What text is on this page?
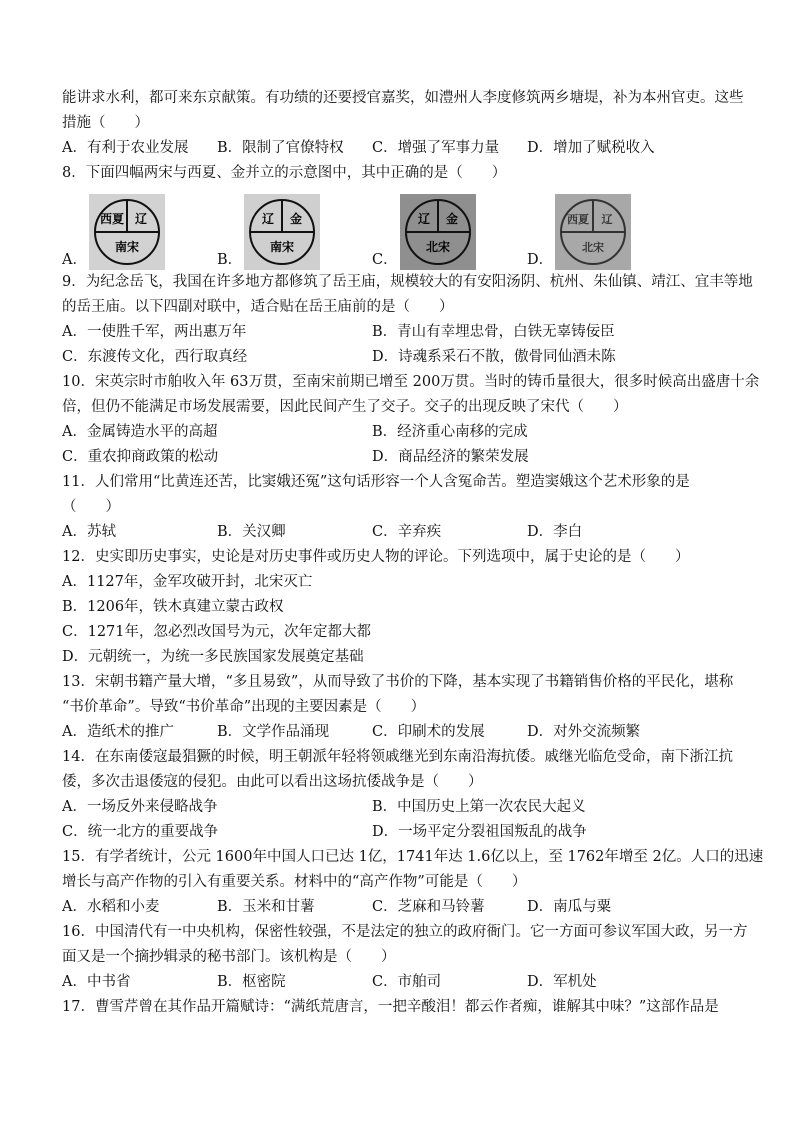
能讲求水利，都可来东京献策。有功绩的还要授官嘉奖，如澧州人李度修筑两乡塘堤，补为本州官吏。这些
措施（　　）
A．有利于农业发展	B．限制了官僚特权	C．增强了军事力量	D．增加了赋税收入
8．下面四幅两宋与西夏、金并立的示意图中，其中正确的是（　　）
A．
西夏 辽
南宋
B．
辽 金
南宋
C．
辽 金
北宋
D．
西夏 辽
北宋
9．为纪念岳飞，我国在许多地方都修筑了岳王庙，规模较大的有安阳汤阴、杭州、朱仙镇、靖江、宜丰等地
的岳王庙。以下四副对联中，适合贴在岳王庙前的是（　　）
A．一使胜千军，两出惠万年	B．青山有幸埋忠骨，白铁无辜铸佞臣
C．东渡传文化，西行取真经	D．诗魂系采石不散，傲骨同仙酒未陈
10．宋英宗时市舶收入年 63万贯，至南宋前期已增至 200万贯。当时的铸币量很大，很多时候高出盛唐十余
倍，但仍不能满足市场发展需要，因此民间产生了交子。交子的出现反映了宋代（　　）
A．金属铸造水平的高超	B．经济重心南移的完成
C．重农抑商政策的松动	D．商品经济的繁荣发展
11．人们常用“比黄连还苦，比窦娥还冤”这句话形容一个人含冤命苦。塑造窦娥这个艺术形象的是
（　　）
A．苏轼	B．关汉卿	C．辛弃疾	D．李白
12．史实即历史事实，史论是对历史事件或历史人物的评论。下列选项中，属于史论的是（　　）
A．1127年，金军攻破开封，北宋灭亡
B．1206年，铁木真建立蒙古政权
C．1271年，忽必烈改国号为元，次年定都大都
D．元朝统一，为统一多民族国家发展奠定基础
13．宋朝书籍产量大增，“多且易致”，从而导致了书价的下降，基本实现了书籍销售价格的平民化，堪称
“书价革命”。导致“书价革命”出现的主要因素是（　　）
A．造纸术的推广	B．文学作品涌现	C．印刷术的发展	D．对外交流频繁
14．在东南倭寇最猖獗的时候，明王朝派年轻将领戚继光到东南沿海抗倭。戚继光临危受命，南下浙江抗
倭，多次击退倭寇的侵犯。由此可以看出这场抗倭战争是（　　）
A．一场反外来侵略战争	B．中国历史上第一次农民大起义
C．统一北方的重要战争	D．一场平定分裂祖国叛乱的战争
15．有学者统计，公元 1600年中国人口已达 1亿，1741年达 1.6亿以上，至 1762年增至 2亿。人口的迅速
增长与高产作物的引入有重要关系。材料中的“高产作物”可能是（　　）
A．水稻和小麦	B．玉米和甘薯	C．芝麻和马铃薯	D．南瓜与粟
16．中国清代有一中央机构，保密性较强，不是法定的独立的政府衙门。它一方面可参议军国大政，另一方
面又是一个摘抄辑录的秘书部门。该机构是（　　）
A．中书省	B．枢密院	C．市舶司	D．军机处
17．曹雪芹曾在其作品开篇赋诗：“满纸荒唐言，一把辛酸泪！都云作者痴，谁解其中味？”这部作品是
